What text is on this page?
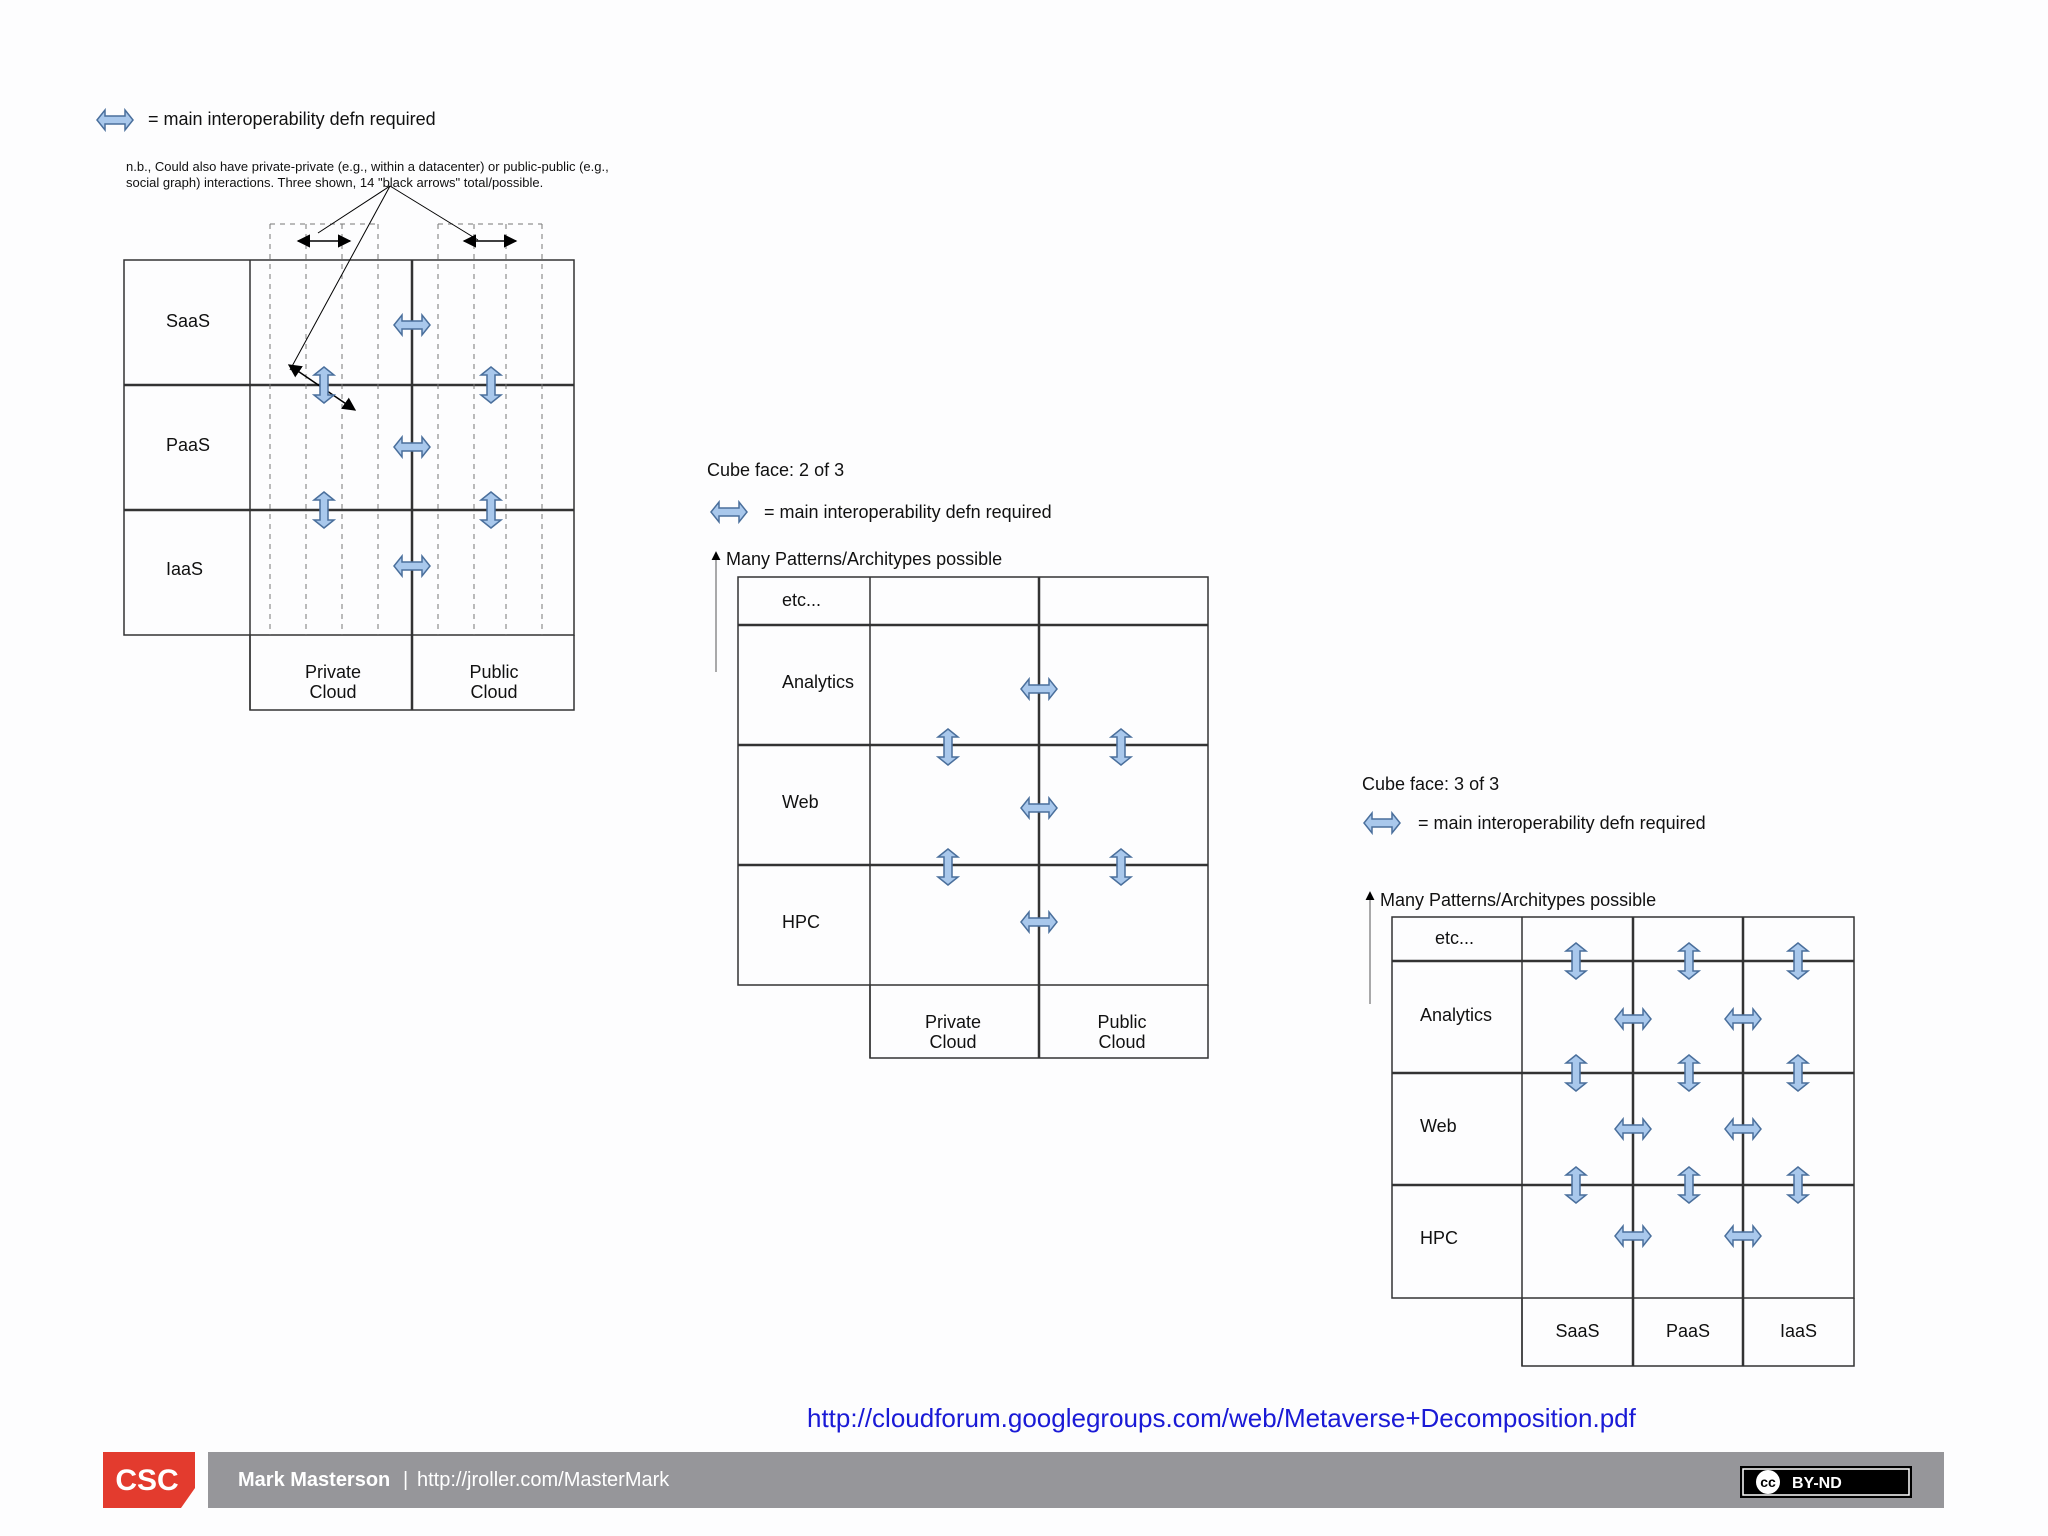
= main interoperability defn required
n.b., Could also have private-private (e.g., within a datacenter) or public-public (e.g., social graph) interactions. Three shown, 14 "black arrows" total/possible.
SaaS
PaaS
IaaS
Private Cloud
Public Cloud
Cube face: 2 of 3
= main interoperability defn required
Many Patterns/Architypes possible
etc...
Analytics
Web
HPC
Private Cloud
Public Cloud
Cube face: 3 of 3
= main interoperability defn required
Many Patterns/Architypes possible
etc...
Analytics
Web
HPC
SaaS	PaaS	IaaS
http://cloudforum.googlegroups.com/web/Metaverse+Decomposition.pdf
CSC	Mark Masterson | http://jroller.com/MasterMark	cc BY-ND
